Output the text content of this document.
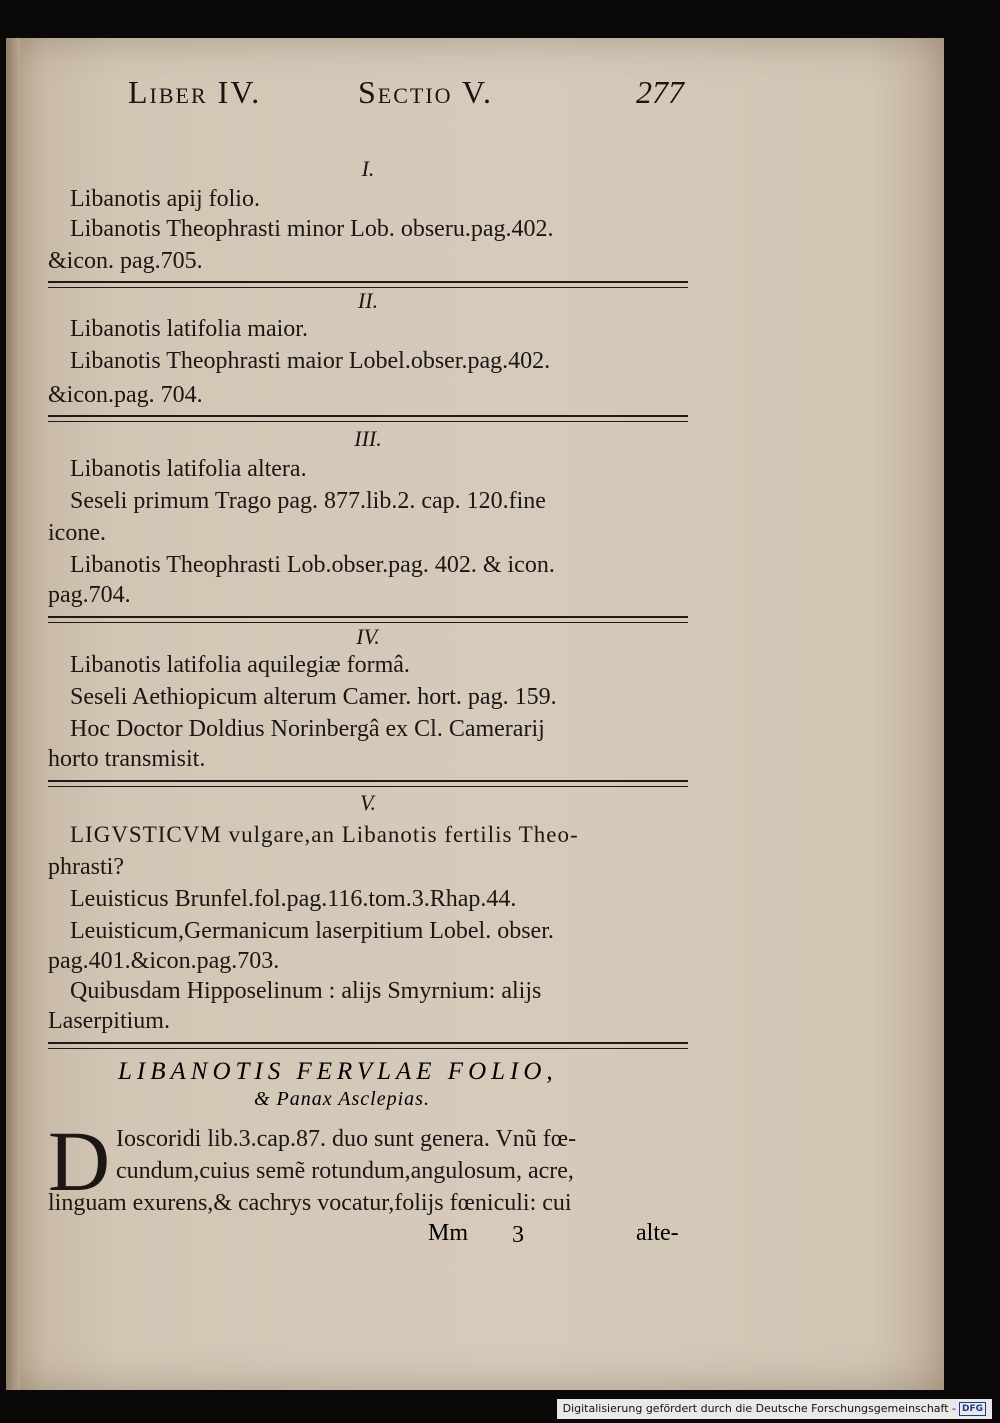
Liber IV.	Sectio V.	277
I.
Libanotis apij folio.
Libanotis Theophrasti minor Lob. obseru.pag.402.
&icon. pag.705.
II.
Libanotis latifolia maior.
Libanotis Theophrasti maior Lobel.obser.pag.402.
&icon.pag. 704.
III.
Libanotis latifolia altera.
Seseli primum Trago pag. 877.lib.2. cap. 120.fine
icone.
Libanotis Theophrasti Lob.obser.pag. 402. & icon.
pag.704.
IV.
Libanotis latifolia aquilegiæ formâ.
Seseli Aethiopicum alterum Camer. hort. pag. 159.
Hoc Doctor Doldius Norinbergâ ex Cl. Camerarij
horto transmisit.
V.
LIGVSTICVM vulgare,an Libanotis fertilis Theo-
phrasti?
Leuisticus Brunfel.fol.pag.116.tom.3.Rhap.44.
Leuisticum,Germanicum laserpitium Lobel. obser.
pag.401.&icon.pag.703.
Quibusdam Hipposelinum : alijs Smyrnium: alijs
Laserpitium.
LIBANOTIS FERVLAE FOLIO,
& Panax Asclepias.
D Ioscoridi lib.3.cap.87. duo sunt genera. Vnũ fœ-
cundum,cuius semẽ rotundum,angulosum, acre,
linguam exurens,& cachrys vocatur,folijs fœniculi: cui
Mm 3	alte-
Digitalisierung gefördert durch die Deutsche Forschungsgemeinschaft - DFG
